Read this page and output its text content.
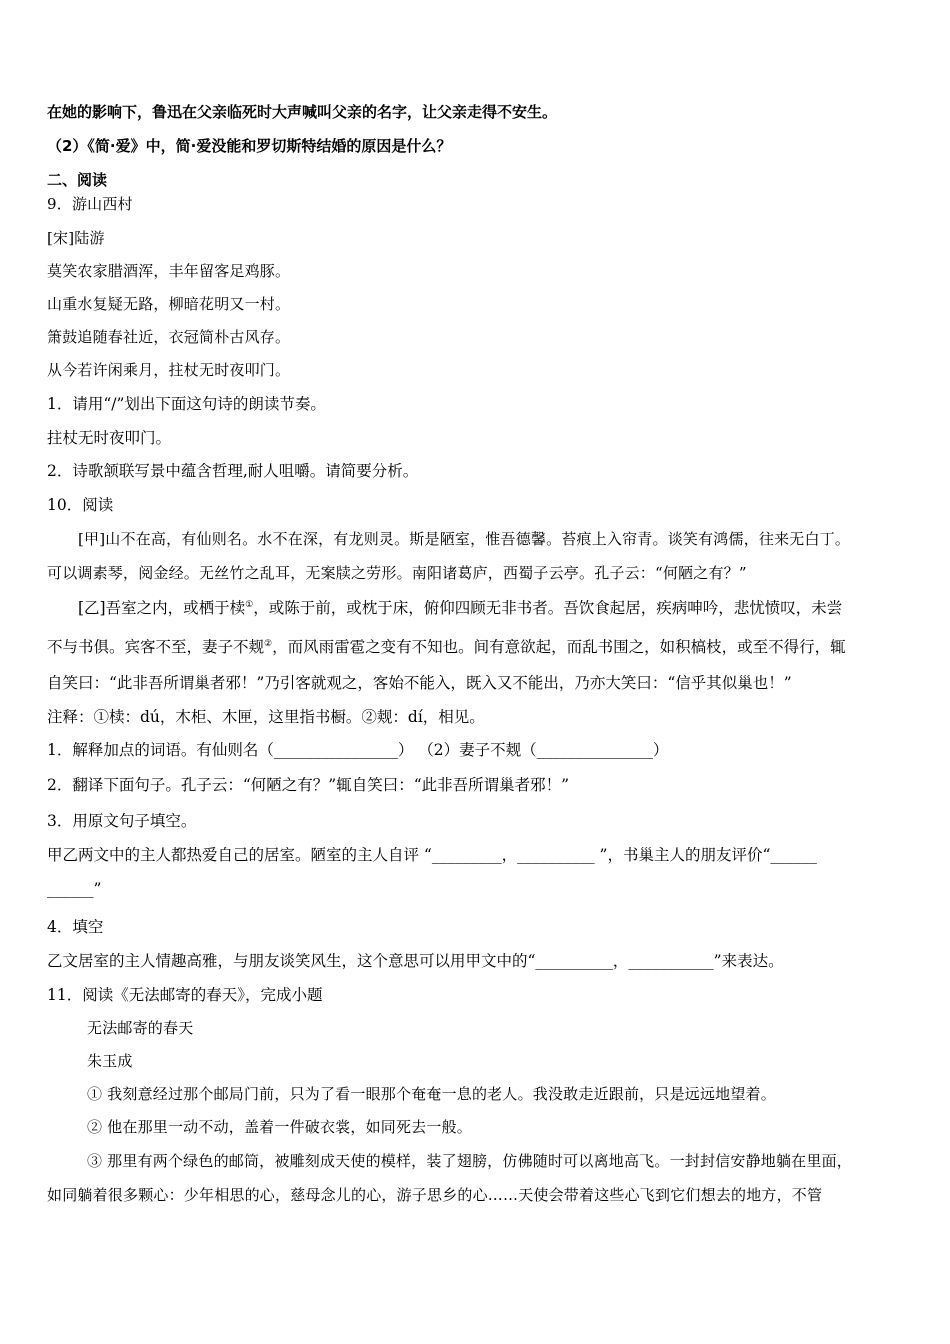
在她的影响下，鲁迅在父亲临死时大声喊叫父亲的名字，让父亲走得不安生。
（2）《简·爱》中，简·爱没能和罗切斯特结婚的原因是什么？
二、阅读
9．游山西村
[宋]陆游
莫笑农家腊酒浑，丰年留客足鸡豚。
山重水复疑无路，柳暗花明又一村。
箫鼓追随春社近，衣冠简朴古风存。
从今若许闲乘月，拄杖无时夜叩门。
1．请用“/”划出下面这句诗的朗读节奏。
拄杖无时夜叩门。
2．诗歌颔联写景中蕴含哲理,耐人咀嚼。请简要分析。
10．阅读
[甲]山不在高，有仙则名。水不在深，有龙则灵。斯是陋室，惟吾德馨。苔痕上入帘青。谈笑有鸿儒，往来无白丁。
可以调素琴，阅金经。无丝竹之乱耳，无案牍之劳形。南阳诸葛庐，西蜀子云亭。孔子云：“何陋之有？”
[乙]吾室之内，或栖于椟①，或陈于前，或枕于床，俯仰四顾无非书者。吾饮食起居，疾病呻吟，悲忧愤叹，未尝
不与书俱。宾客不至，妻子不觌②，而风雨雷雹之变有不知也。间有意欲起，而乱书围之，如积槁枝，或至不得行，辄
自笑曰：“此非吾所谓巢者邪！”乃引客就观之，客始不能入，既入又不能出，乃亦大笑曰：“信乎其似巢也！”
注释：①椟：dú，木柜、木匣，这里指书橱。②觌：dí，相见。
1．解释加点的词语。有仙则名（________________） （2）妻子不觌（_______________）
2．翻译下面句子。孔子云：“何陋之有？”辄自笑曰：“此非吾所谓巢者邪！”
3．用原文句子填空。
甲乙两文中的主人都热爱自己的居室。陋室的主人自评 “_________，__________ ”，书巢主人的朋友评价“______
______”
4．填空
乙文居室的主人情趣高雅，与朋友谈笑风生，这个意思可以用甲文中的“__________，___________”来表达。
11．阅读《无法邮寄的春天》，完成小题
无法邮寄的春天
朱玉成
① 我刻意经过那个邮局门前，只为了看一眼那个奄奄一息的老人。我没敢走近跟前，只是远远地望着。
② 他在那里一动不动，盖着一件破衣裳，如同死去一般。
③ 那里有两个绿色的邮筒，被雕刻成天使的模样，装了翅膀，仿佛随时可以离地高飞。一封封信安静地躺在里面，
如同躺着很多颗心：少年相思的心，慈母念儿的心，游子思乡的心……天使会带着这些心飞到它们想去的地方，不管
